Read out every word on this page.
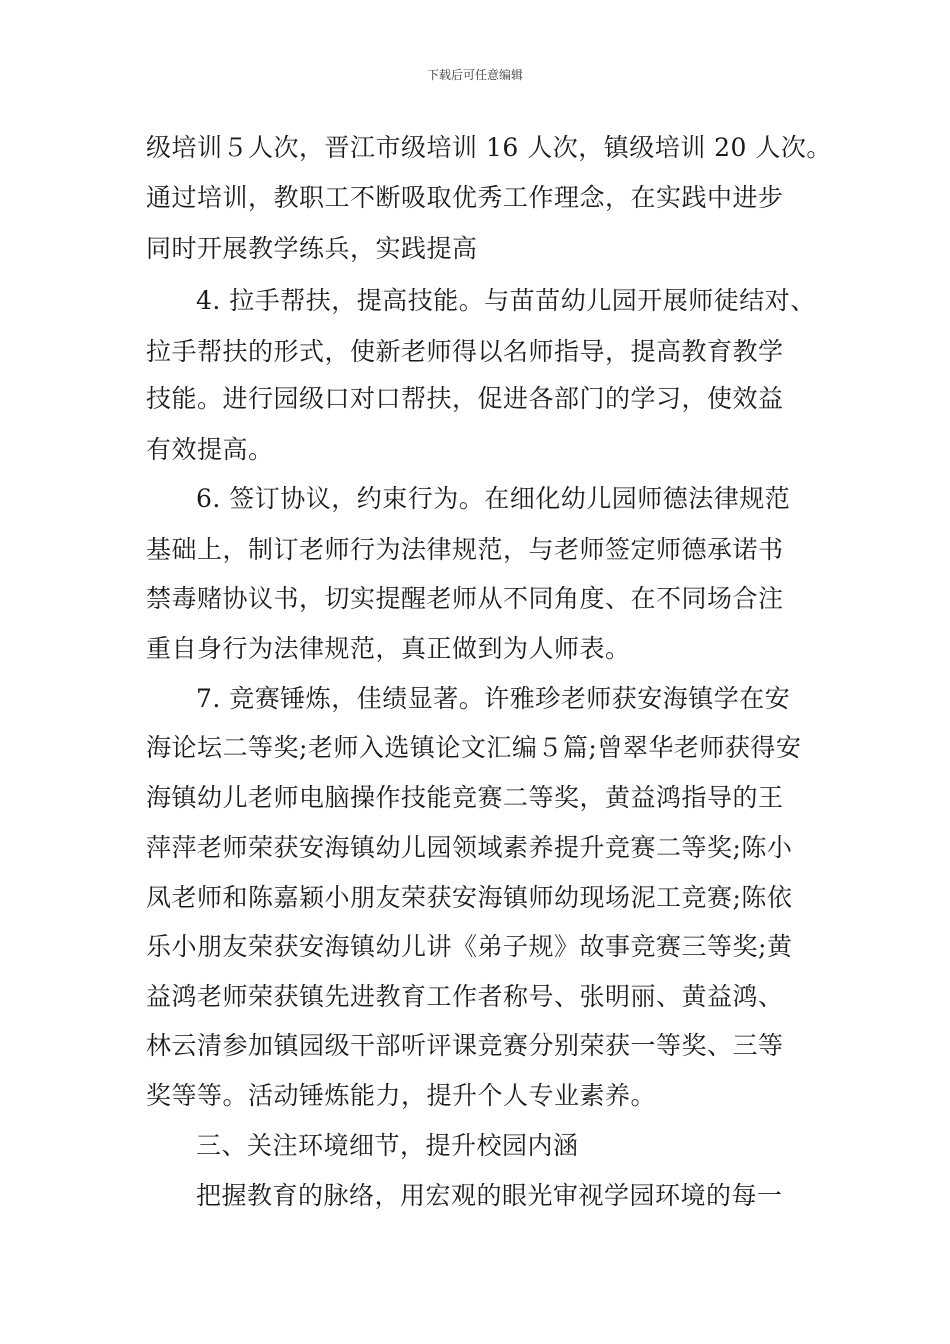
下载后可任意编辑
级培训５人次，晋江市级培训 16 人次，镇级培训 20 人次。
通过培训，教职工不断吸取优秀工作理念，在实践中进步
同时开展教学练兵，实践提高
4. 拉手帮扶，提高技能。与苗苗幼儿园开展师徒结对、
拉手帮扶的形式，使新老师得以名师指导，提高教育教学
技能。进行园级口对口帮扶，促进各部门的学习，使效益
有效提高。
6. 签订协议，约束行为。在细化幼儿园师德法律规范
基础上，制订老师行为法律规范，与老师签定师德承诺书
禁毒赌协议书，切实提醒老师从不同角度、在不同场合注
重自身行为法律规范，真正做到为人师表。
7. 竞赛锤炼，佳绩显著。许雅珍老师获安海镇学在安
海论坛二等奖;老师入选镇论文汇编５篇;曾翠华老师获得安
海镇幼儿老师电脑操作技能竞赛二等奖，黄益鸿指导的王
萍萍老师荣获安海镇幼儿园领域素养提升竞赛二等奖;陈小
凤老师和陈嘉颖小朋友荣获安海镇师幼现场泥工竞赛;陈依
乐小朋友荣获安海镇幼儿讲《弟子规》故事竞赛三等奖;黄
益鸿老师荣获镇先进教育工作者称号、张明丽、黄益鸿、
林云清参加镇园级干部听评课竞赛分别荣获一等奖、三等
奖等等。活动锤炼能力，提升个人专业素养。
三、关注环境细节，提升校园内涵
把握教育的脉络，用宏观的眼光审视学园环境的每一
